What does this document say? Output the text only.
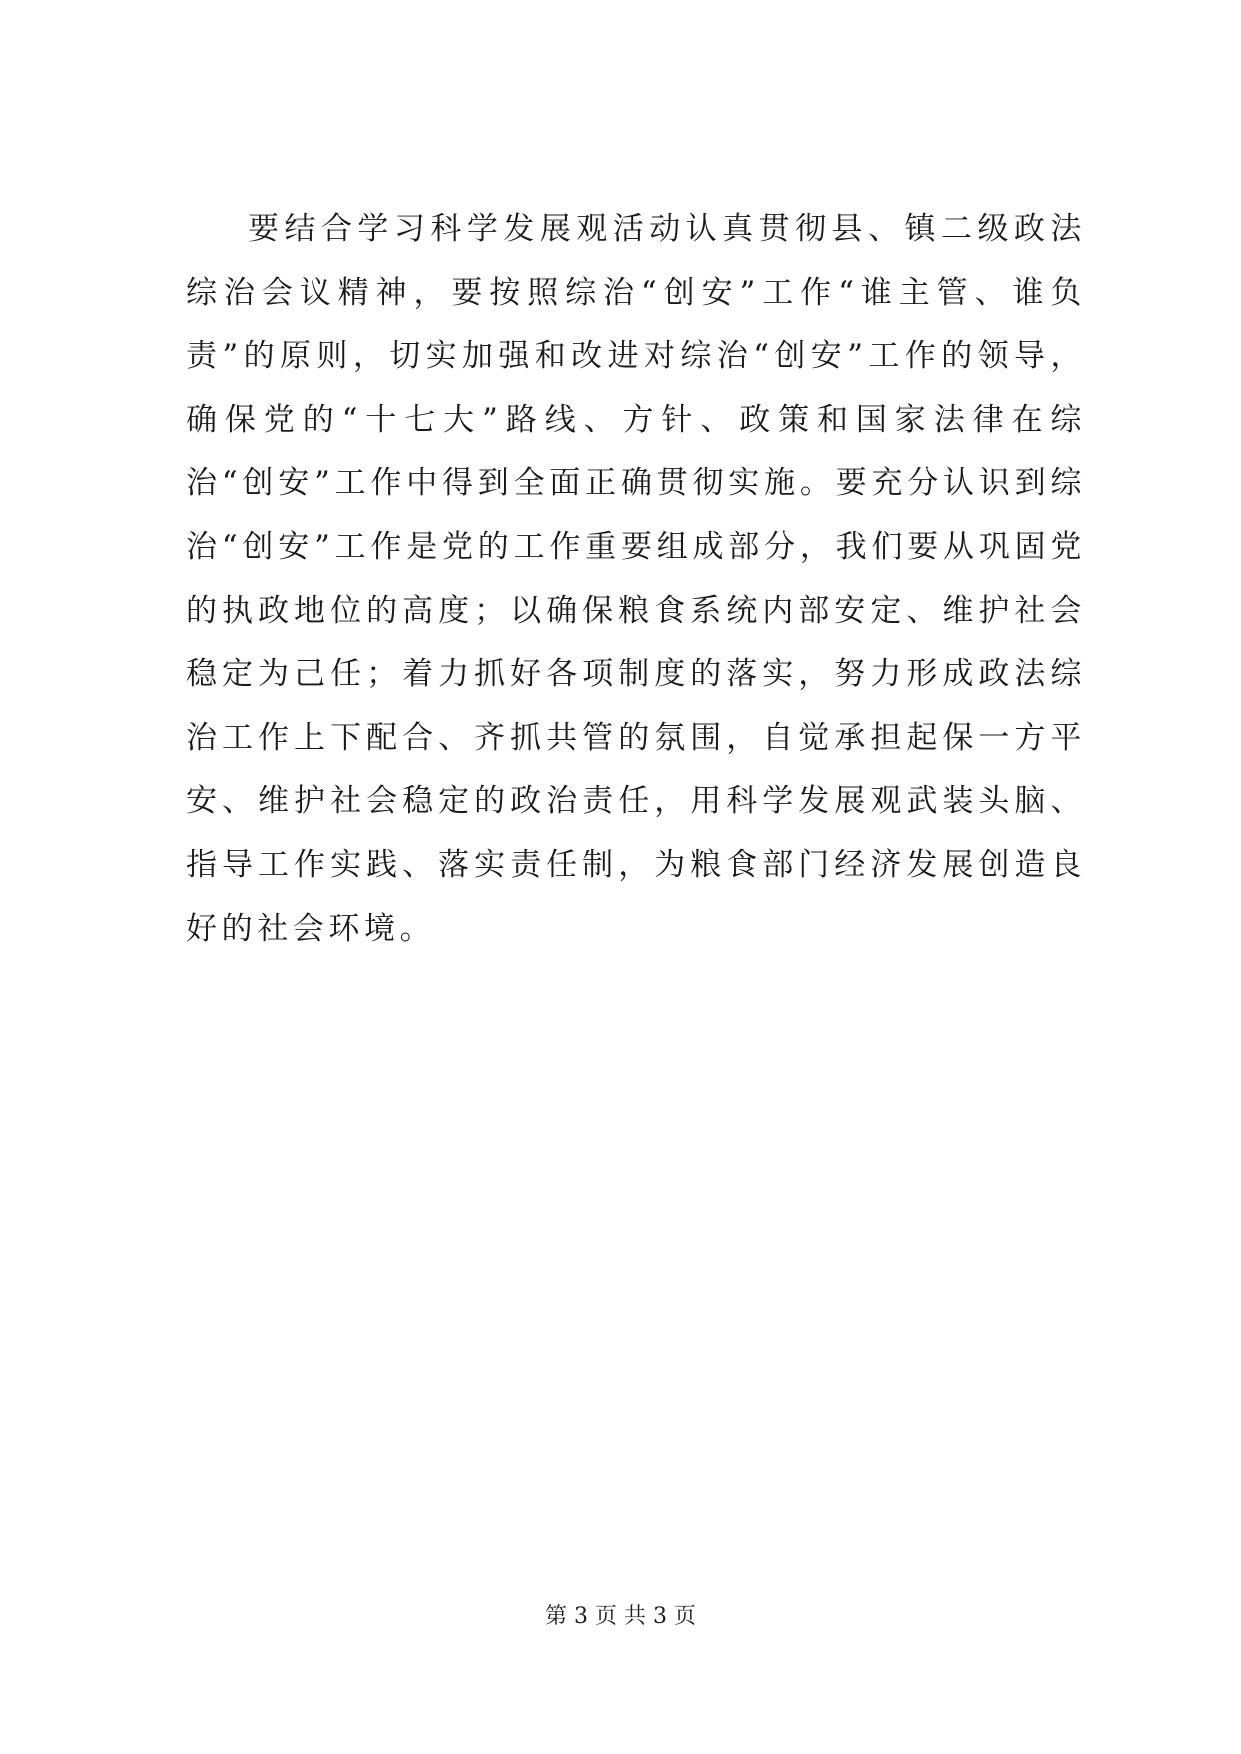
要结合学习科学发展观活动认真贯彻县、镇二级政法综治会议精神，要按照综治“创安”工作“谁主管、谁负责”的原则，切实加强和改进对综治“创安”工作的领导，确保党的“十七大”路线、方针、政策和国家法律在综治“创安”工作中得到全面正确贯彻实施。要充分认识到综治“创安”工作是党的工作重要组成部分，我们要从巩固党的执政地位的高度；以确保粮食系统内部安定、维护社会稳定为己任；着力抓好各项制度的落实，努力形成政法综治工作上下配合、齐抓共管的氛围，自觉承担起保一方平安、维护社会稳定的政治责任，用科学发展观武装头脑、指导工作实践、落实责任制，为粮食部门经济发展创造良好的社会环境。

第 3 页 共 3 页
